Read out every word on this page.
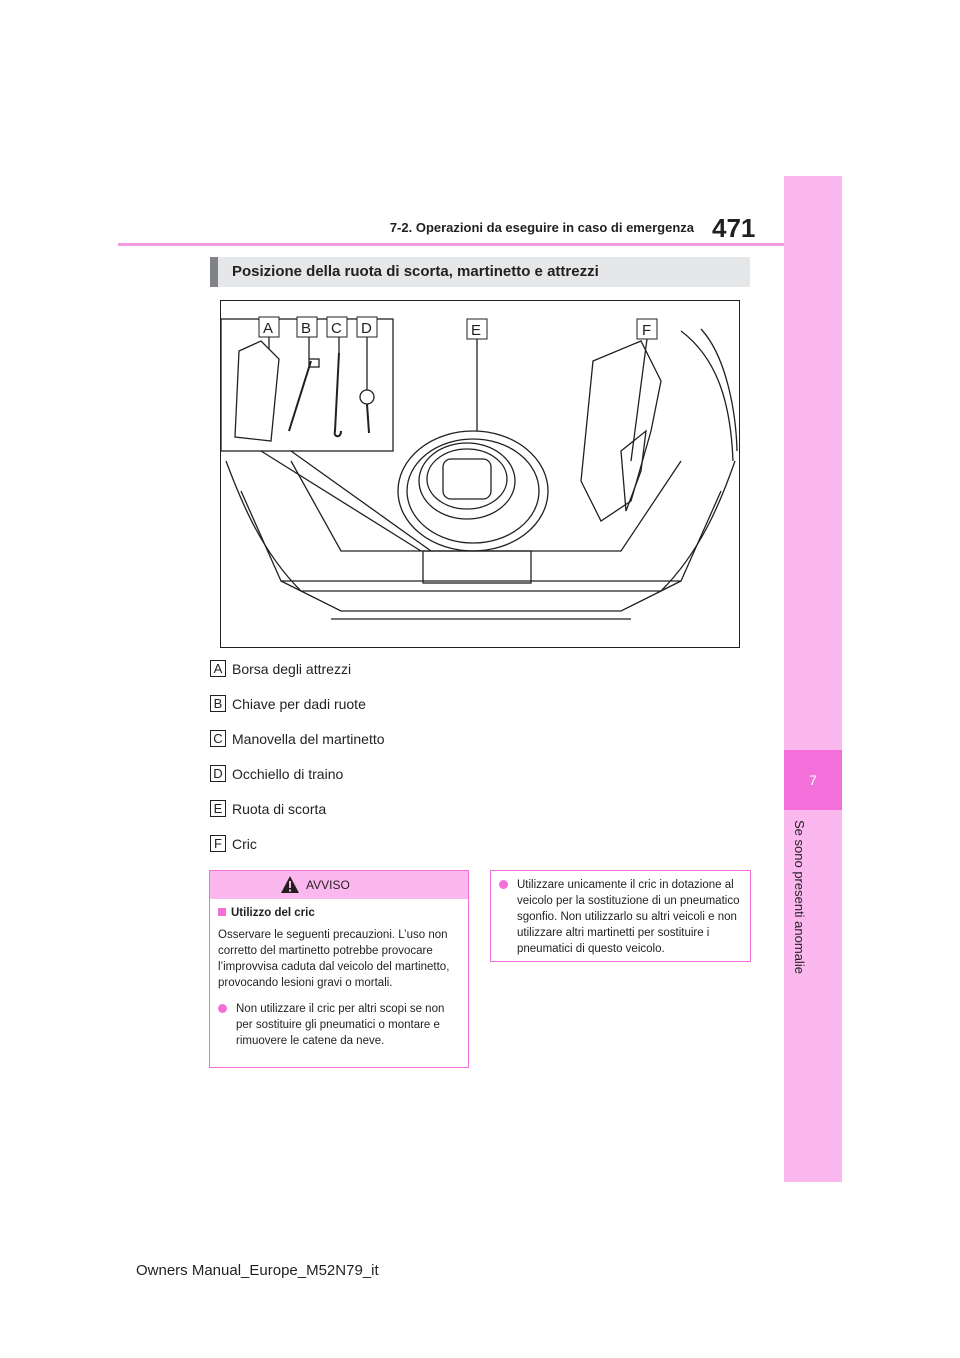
7
Se sono presenti anomalie
471
7-2. Operazioni da eseguire in caso di emergenza
Posizione della ruota di scorta, martinetto e attrezzi
A B C D	E	F
A Borsa degli attrezzi
B Chiave per dadi ruote
C Manovella del martinetto
D Occhiello di traino
E Ruota di scorta
F Cric
AVVISO
Utilizzo del cric
Osservare le seguenti precauzioni. L’uso non corretto del martinetto potrebbe provocare l’improvvisa caduta dal veicolo del martinetto, provocando lesioni gravi o mortali.
Non utilizzare il cric per altri scopi se non per sostituire gli pneumatici o montare e rimuovere le catene da neve.
Utilizzare unicamente il cric in dotazione al veicolo per la sostituzione di un pneumatico sgonfio. Non utilizzarlo su altri veicoli e non utilizzare altri martinetti per sostituire i pneumatici di questo veicolo.
Owners Manual_Europe_M52N79_it
